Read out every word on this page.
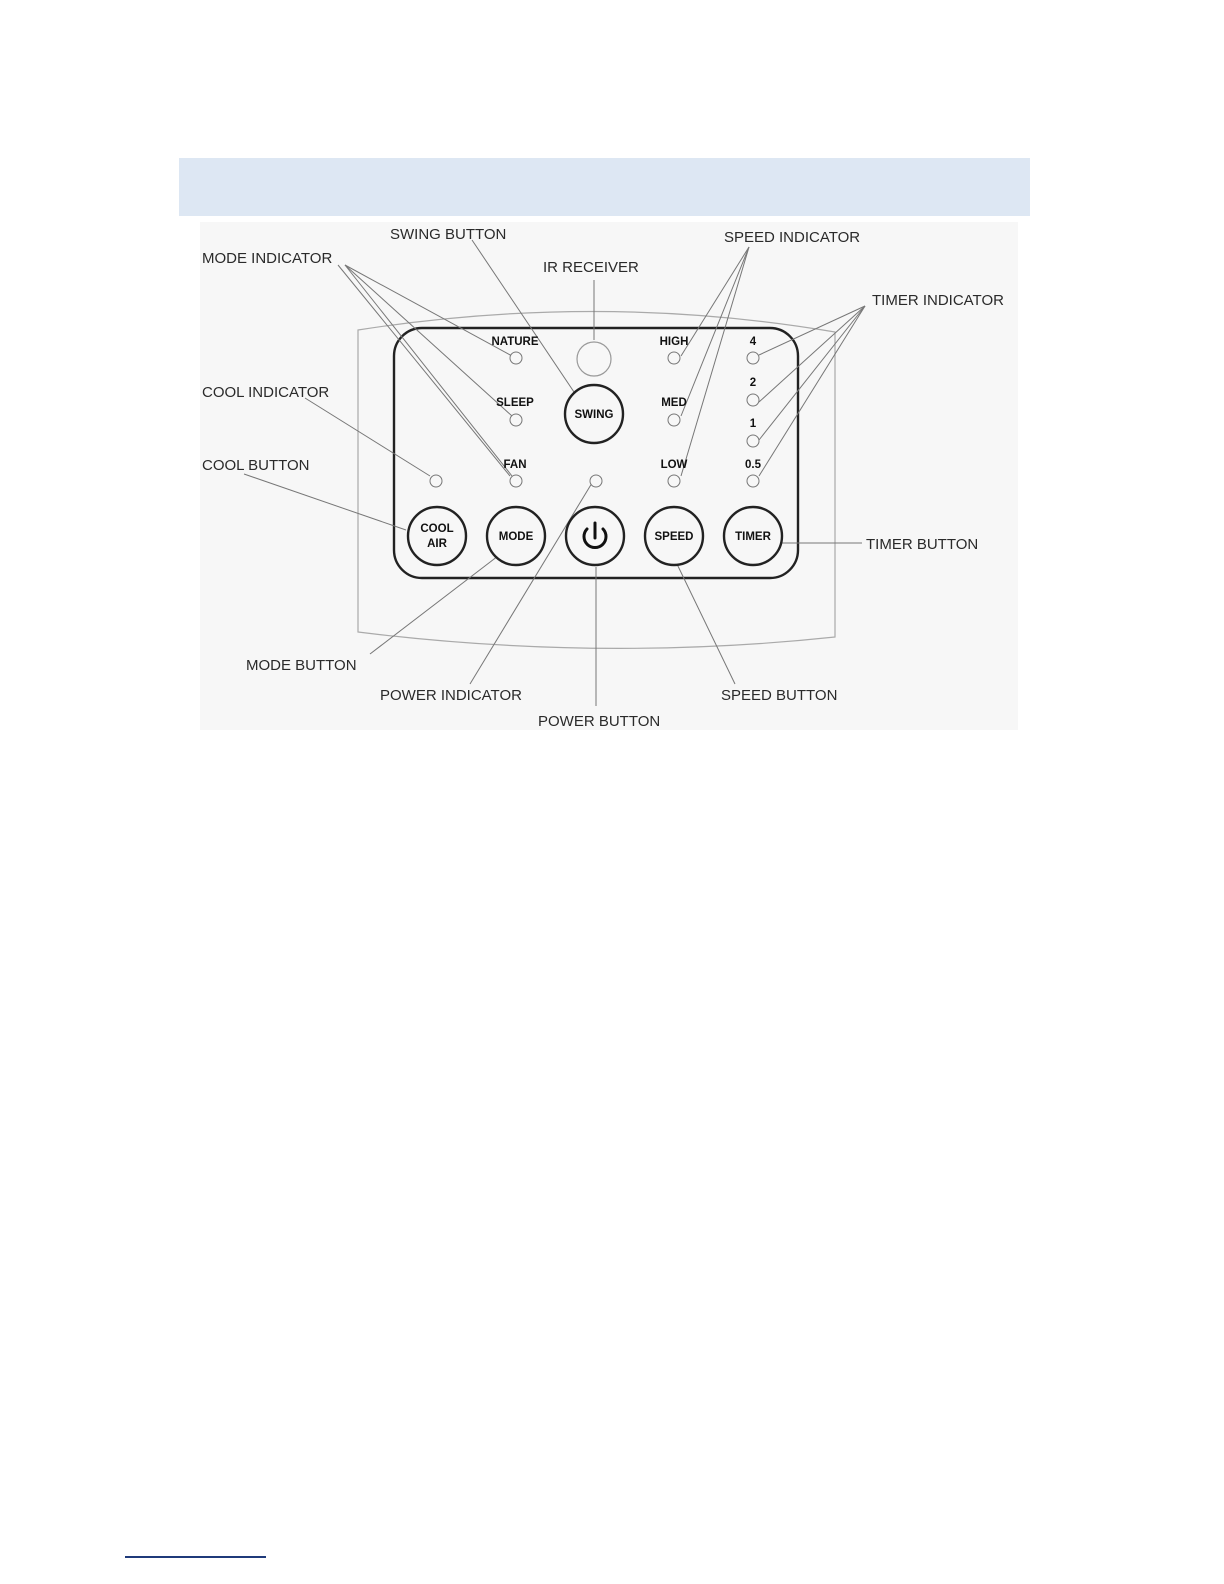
NATURE
SLEEP
FAN
HIGH
MED
LOW
4
2
1
0.5
SWING
COOL
AIR
MODE	SPEED	TIMER
SWING BUTTON
MODE INDICATOR
IR RECEIVER
SPEED INDICATOR
TIMER INDICATOR
COOL INDICATOR
COOL BUTTON
TIMER BUTTON
MODE BUTTON
POWER INDICATOR
POWER BUTTON
SPEED BUTTON
